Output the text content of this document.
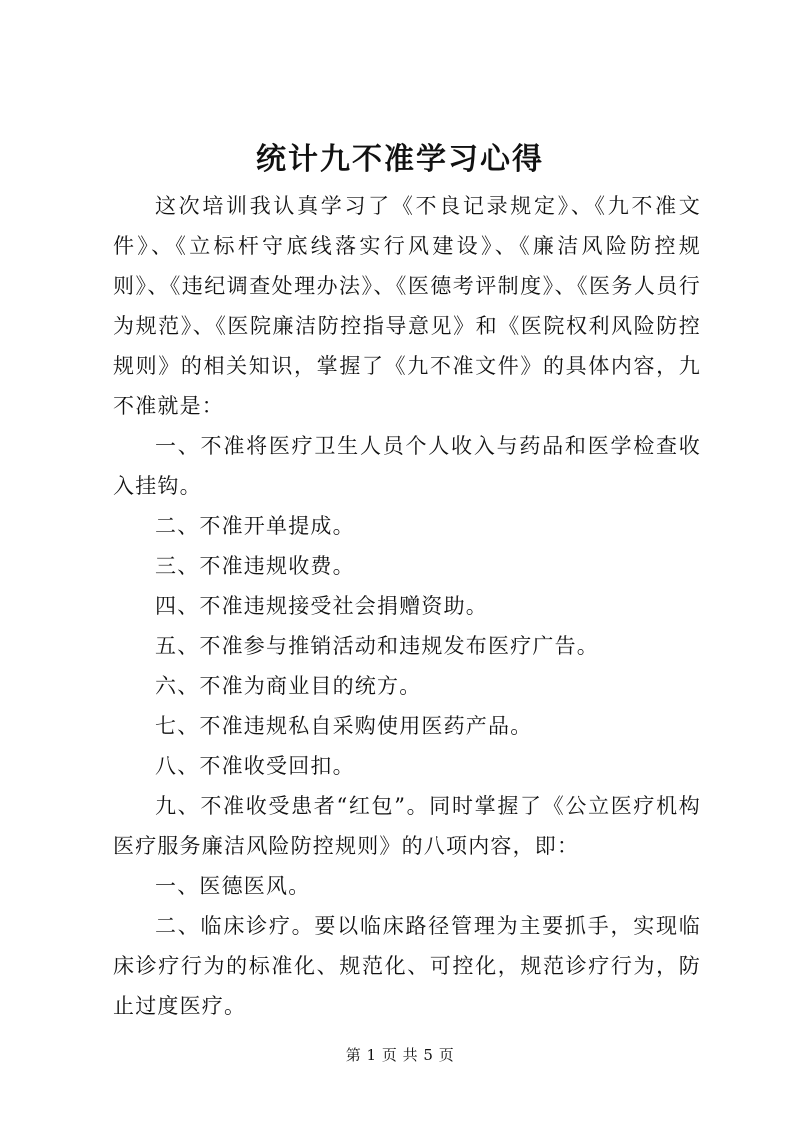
统计九不准学习心得

这次培训我认真学习了《不良记录规定》、《九不准文件》、《立标杆守底线落实行风建设》、《廉洁风险防控规则》、《违纪调查处理办法》、《医德考评制度》、《医务人员行为规范》、《医院廉洁防控指导意见》和《医院权利风险防控规则》的相关知识，掌握了《九不准文件》的具体内容，九不准就是：

一、不准将医疗卫生人员个人收入与药品和医学检查收入挂钩。

二、不准开单提成。

三、不准违规收费。

四、不准违规接受社会捐赠资助。

五、不准参与推销活动和违规发布医疗广告。

六、不准为商业目的统方。

七、不准违规私自采购使用医药产品。

八、不准收受回扣。

九、不准收受患者“红包”。同时掌握了《公立医疗机构医疗服务廉洁风险防控规则》的八项内容，即：

一、医德医风。

二、临床诊疗。要以临床路径管理为主要抓手，实现临床诊疗行为的标准化、规范化、可控化，规范诊疗行为，防止过度医疗。

第 1 页 共 5 页
